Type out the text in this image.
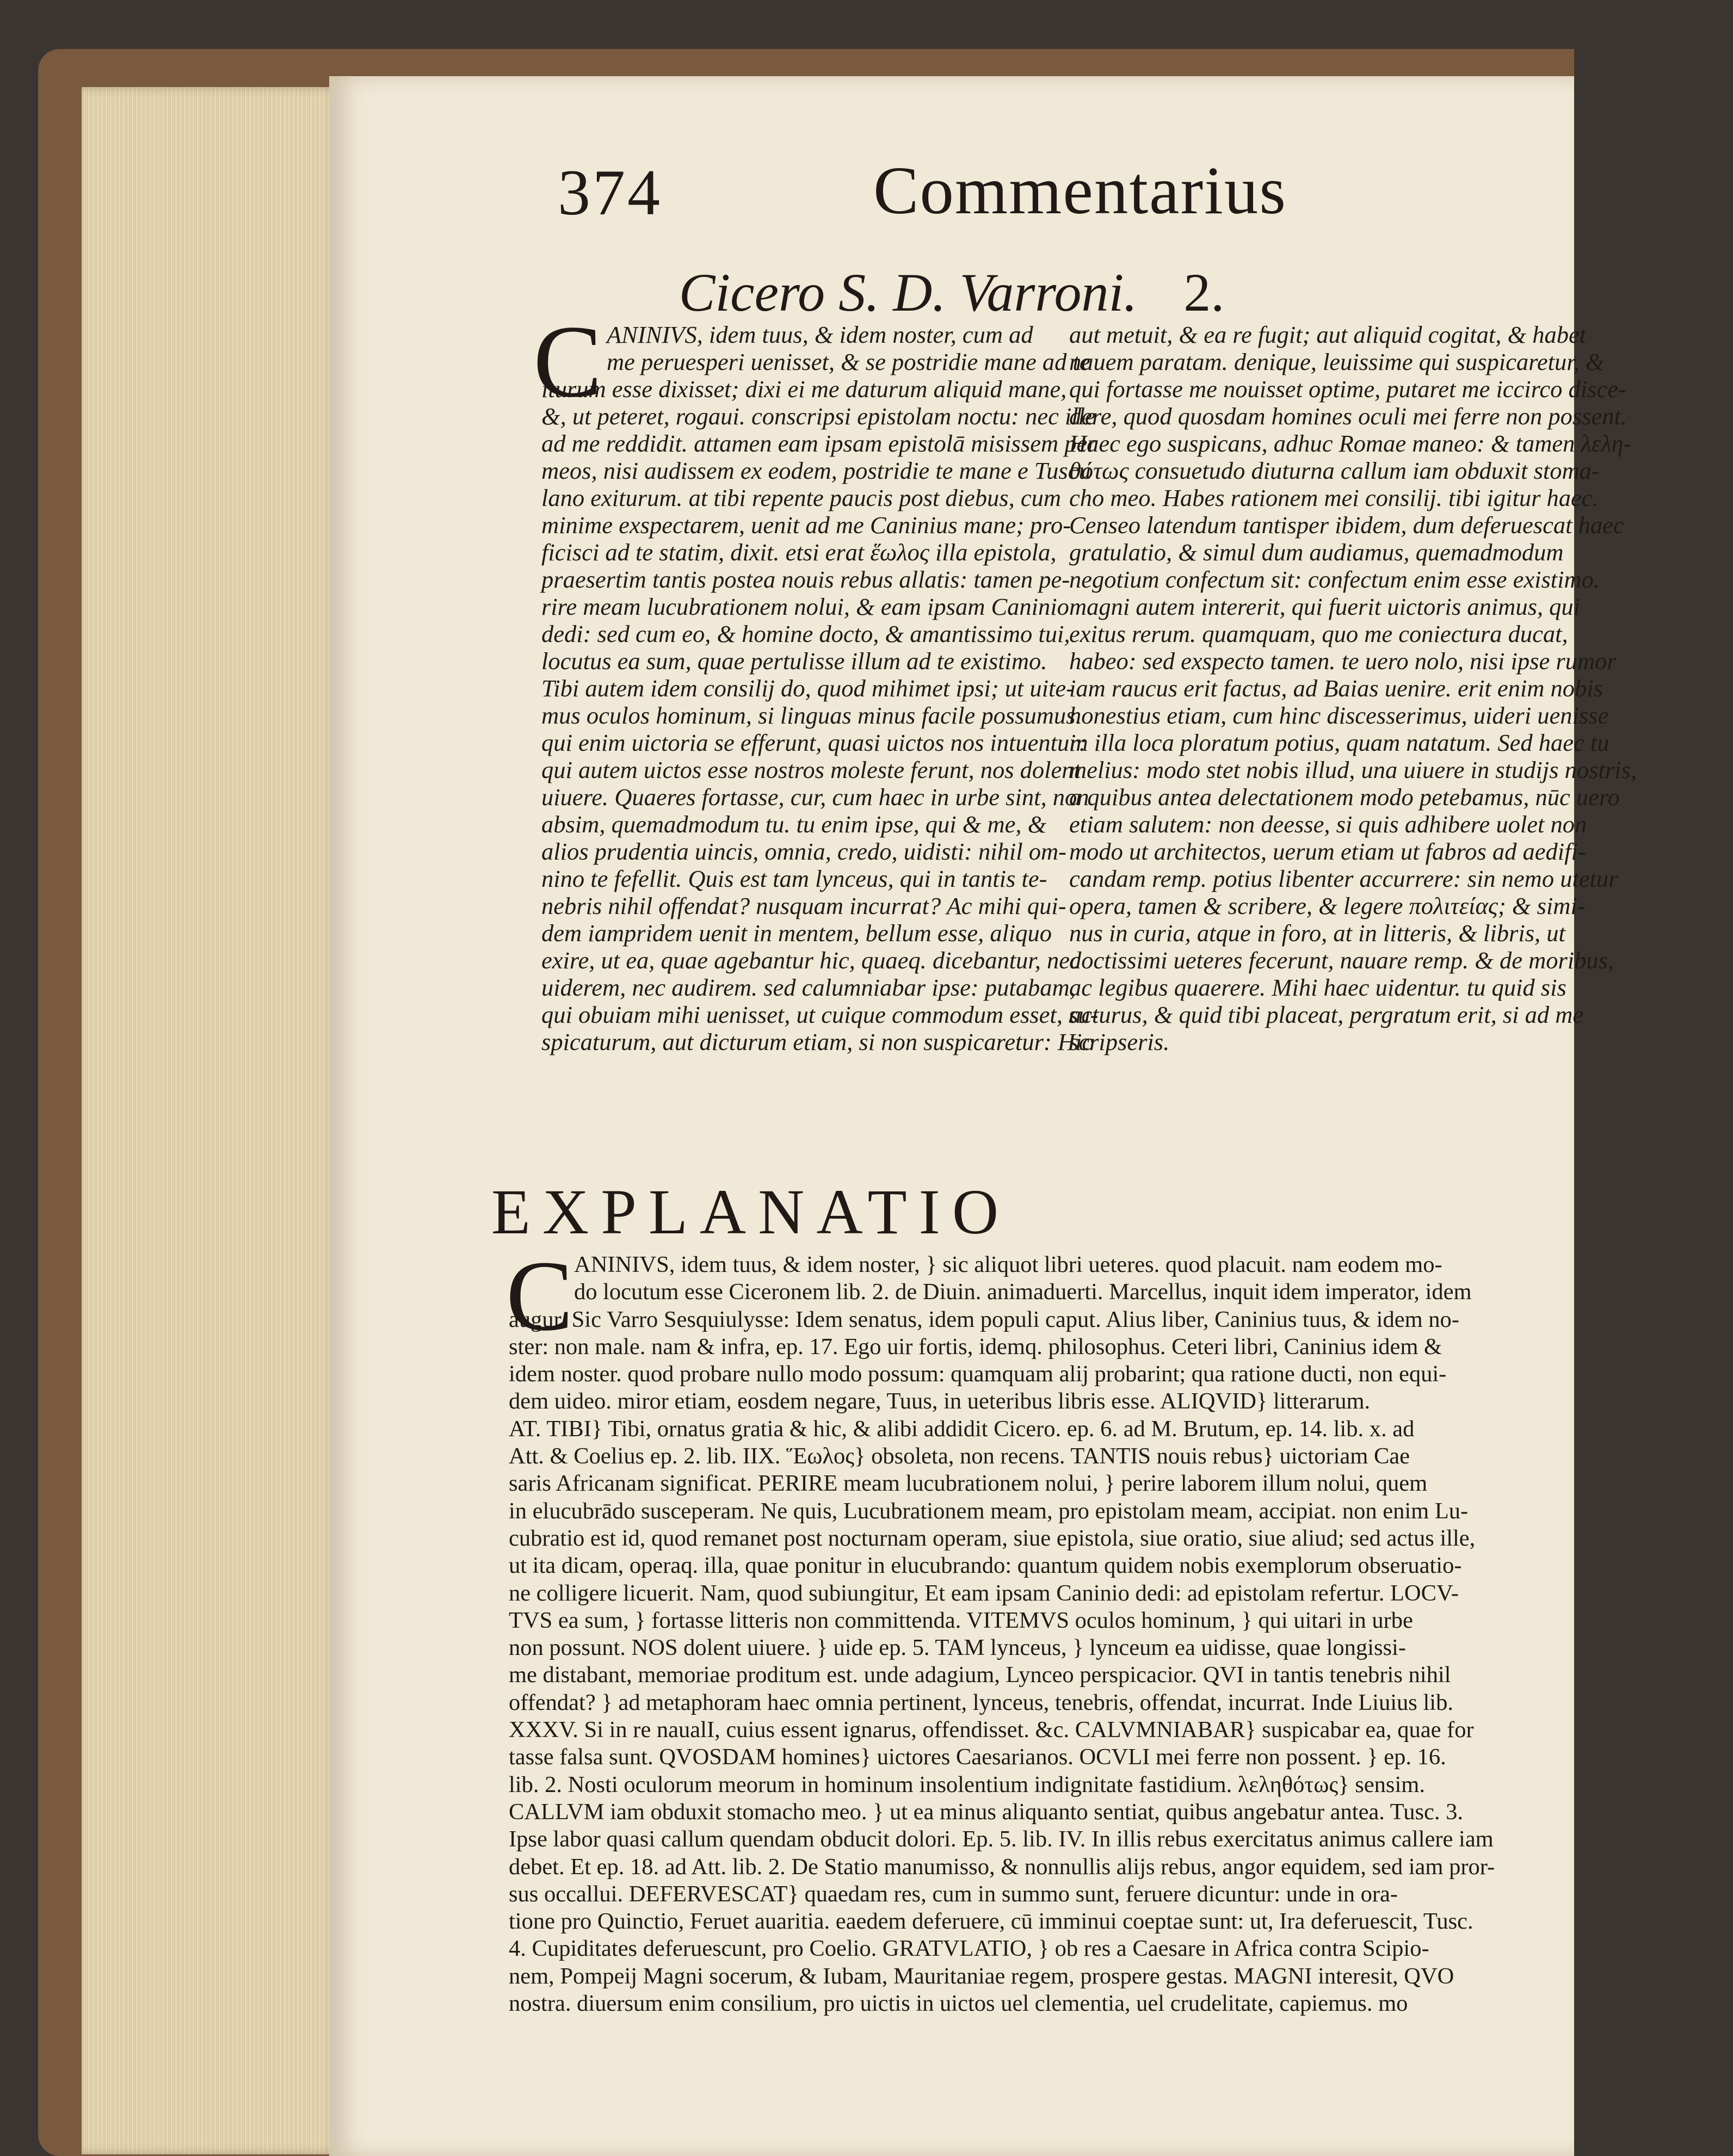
374	Commentarius
Cicero S. D. Varroni. 2.
C ANINIVS, idem tuus, & idem noster, cum ad
me peruesperi uenisset, & se postridie mane ad te
iturum esse dixisset; dixi ei me daturum aliquid mane,
&, ut peteret, rogaui. conscripsi epistolam noctu: nec ille
ad me reddidit. attamen eam ipsam epistolā misissem per
meos, nisi audissem ex eodem, postridie te mane e Tuscu
lano exiturum. at tibi repente paucis post diebus, cum
minime exspectarem, uenit ad me Caninius mane; pro-
ficisci ad te statim, dixit. etsi erat ἕωλος illa epistola,
praesertim tantis postea nouis rebus allatis: tamen pe-
rire meam lucubrationem nolui, & eam ipsam Caninio
dedi: sed cum eo, & homine docto, & amantissimo tui,
locutus ea sum, quae pertulisse illum ad te existimo.
Tibi autem idem consilij do, quod mihimet ipsi; ut uite-
mus oculos hominum, si linguas minus facile possumus.
qui enim uictoria se efferunt, quasi uictos nos intuentur:
qui autem uictos esse nostros moleste ferunt, nos dolent
uiuere. Quaeres fortasse, cur, cum haec in urbe sint, non
absim, quemadmodum tu. tu enim ipse, qui & me, &
alios prudentia uincis, omnia, credo, uidisti: nihil om-
nino te fefellit. Quis est tam lynceus, qui in tantis te-
nebris nihil offendat? nusquam incurrat? Ac mihi qui-
dem iampridem uenit in mentem, bellum esse, aliquo
exire, ut ea, quae agebantur hic, quaeq. dicebantur, nec
uiderem, nec audirem. sed calumniabar ipse: putabam,
qui obuiam mihi uenisset, ut cuique commodum esset, su-
spicaturum, aut dicturum etiam, si non suspicaretur: Hic
aut metuit, & ea re fugit; aut aliquid cogitat, & habet
nauem paratam. denique, leuissime qui suspicaretur, &
qui fortasse me nouisset optime, putaret me iccirco disce-
dere, quod quosdam homines oculi mei ferre non possent.
Haec ego suspicans, adhuc Romae maneo: & tamen λελη-
θότως consuetudo diuturna callum iam obduxit stoma-
cho meo. Habes rationem mei consilij. tibi igitur haec.
Censeo latendum tantisper ibidem, dum deferuescat haec
gratulatio, & simul dum audiamus, quemadmodum
negotium confectum sit: confectum enim esse existimo.
magni autem intererit, qui fuerit uictoris animus, qui
exitus rerum. quamquam, quo me coniectura ducat,
habeo: sed exspecto tamen. te uero nolo, nisi ipse rumor
iam raucus erit factus, ad Baias uenire. erit enim nobis
honestius etiam, cum hinc discesserimus, uideri uenisse
in illa loca ploratum potius, quam natatum. Sed haec tu
melius: modo stet nobis illud, una uiuere in studijs nostris,
a quibus antea delectationem modo petebamus, nūc uero
etiam salutem: non deesse, si quis adhibere uolet non
modo ut architectos, uerum etiam ut fabros ad aedifi-
candam remp. potius libenter accurrere: sin nemo utetur
opera, tamen & scribere, & legere πολιτείας; & simi-
nus in curia, atque in foro, at in litteris, & libris, ut
doctissimi ueteres fecerunt, nauare remp. & de moribus,
ac legibus quaerere. Mihi haec uidentur. tu quid sis
acturus, & quid tibi placeat, pergratum erit, si ad me
scripseris.
EXPLANATIO
C ANINIVS, idem tuus, & idem noster, } sic aliquot libri ueteres. quod placuit. nam eodem mo-
do locutum esse Ciceronem lib. 2. de Diuin. animaduerti. Marcellus, inquit idem imperator, idem
augur. Sic Varro Sesquiulysse: Idem senatus, idem populi caput. Alius liber, Caninius tuus, & idem no-
ster: non male. nam & infra, ep. 17. Ego uir fortis, idemq. philosophus. Ceteri libri, Caninius idem &
idem noster. quod probare nullo modo possum: quamquam alij probarint; qua ratione ducti, non equi-
dem uideo. miror etiam, eosdem negare, Tuus, in ueteribus libris esse. ALIQVID} litterarum.
AT. TIBI} Tibi, ornatus gratia & hic, & alibi addidit Cicero. ep. 6. ad M. Brutum, ep. 14. lib. x. ad
Att. & Coelius ep. 2. lib. IIX. Ἕωλος} obsoleta, non recens. TANTIS nouis rebus} uictoriam Cae
saris Africanam significat. PERIRE meam lucubrationem nolui, } perire laborem illum nolui, quem
in elucubrādo susceperam. Ne quis, Lucubrationem meam, pro epistolam meam, accipiat. non enim Lu-
cubratio est id, quod remanet post nocturnam operam, siue epistola, siue oratio, siue aliud; sed actus ille,
ut ita dicam, operaq. illa, quae ponitur in elucubrando: quantum quidem nobis exemplorum obseruatio-
ne colligere licuerit. Nam, quod subiungitur, Et eam ipsam Caninio dedi: ad epistolam refertur. LOCV-
TVS ea sum, } fortasse litteris non committenda. VITEMVS oculos hominum, } qui uitari in urbe
non possunt. NOS dolent uiuere. } uide ep. 5. TAM lynceus, } lynceum ea uidisse, quae longissi-
me distabant, memoriae proditum est. unde adagium, Lynceo perspicacior. QVI in tantis tenebris nihil
offendat? } ad metaphoram haec omnia pertinent, lynceus, tenebris, offendat, incurrat. Inde Liuius lib.
XXXV. Si in re naualI, cuius essent ignarus, offendisset. &c. CALVMNIABAR} suspicabar ea, quae for
tasse falsa sunt. QVOSDAM homines} uictores Caesarianos. OCVLI mei ferre non possent. } ep. 16.
lib. 2. Nosti oculorum meorum in hominum insolentium indignitate fastidium. λεληθότως} sensim.
CALLVM iam obduxit stomacho meo. } ut ea minus aliquanto sentiat, quibus angebatur antea. Tusc. 3.
Ipse labor quasi callum quendam obducit dolori. Ep. 5. lib. IV. In illis rebus exercitatus animus callere iam
debet. Et ep. 18. ad Att. lib. 2. De Statio manumisso, & nonnullis alijs rebus, angor equidem, sed iam pror-
sus occallui. DEFERVESCAT} quaedam res, cum in summo sunt, feruere dicuntur: unde in ora-
tione pro Quinctio, Feruet auaritia. eaedem deferuere, cū imminui coeptae sunt: ut, Ira deferuescit, Tusc.
4. Cupiditates deferuescunt, pro Coelio. GRATVLATIO, } ob res a Caesare in Africa contra Scipio-
nem, Pompeij Magni socerum, & Iubam, Mauritaniae regem, prospere gestas. MAGNI interesit, QVO
nostra. diuersum enim consilium, pro uictis in uictos uel clementia, uel crudelitate, capiemus. mo
